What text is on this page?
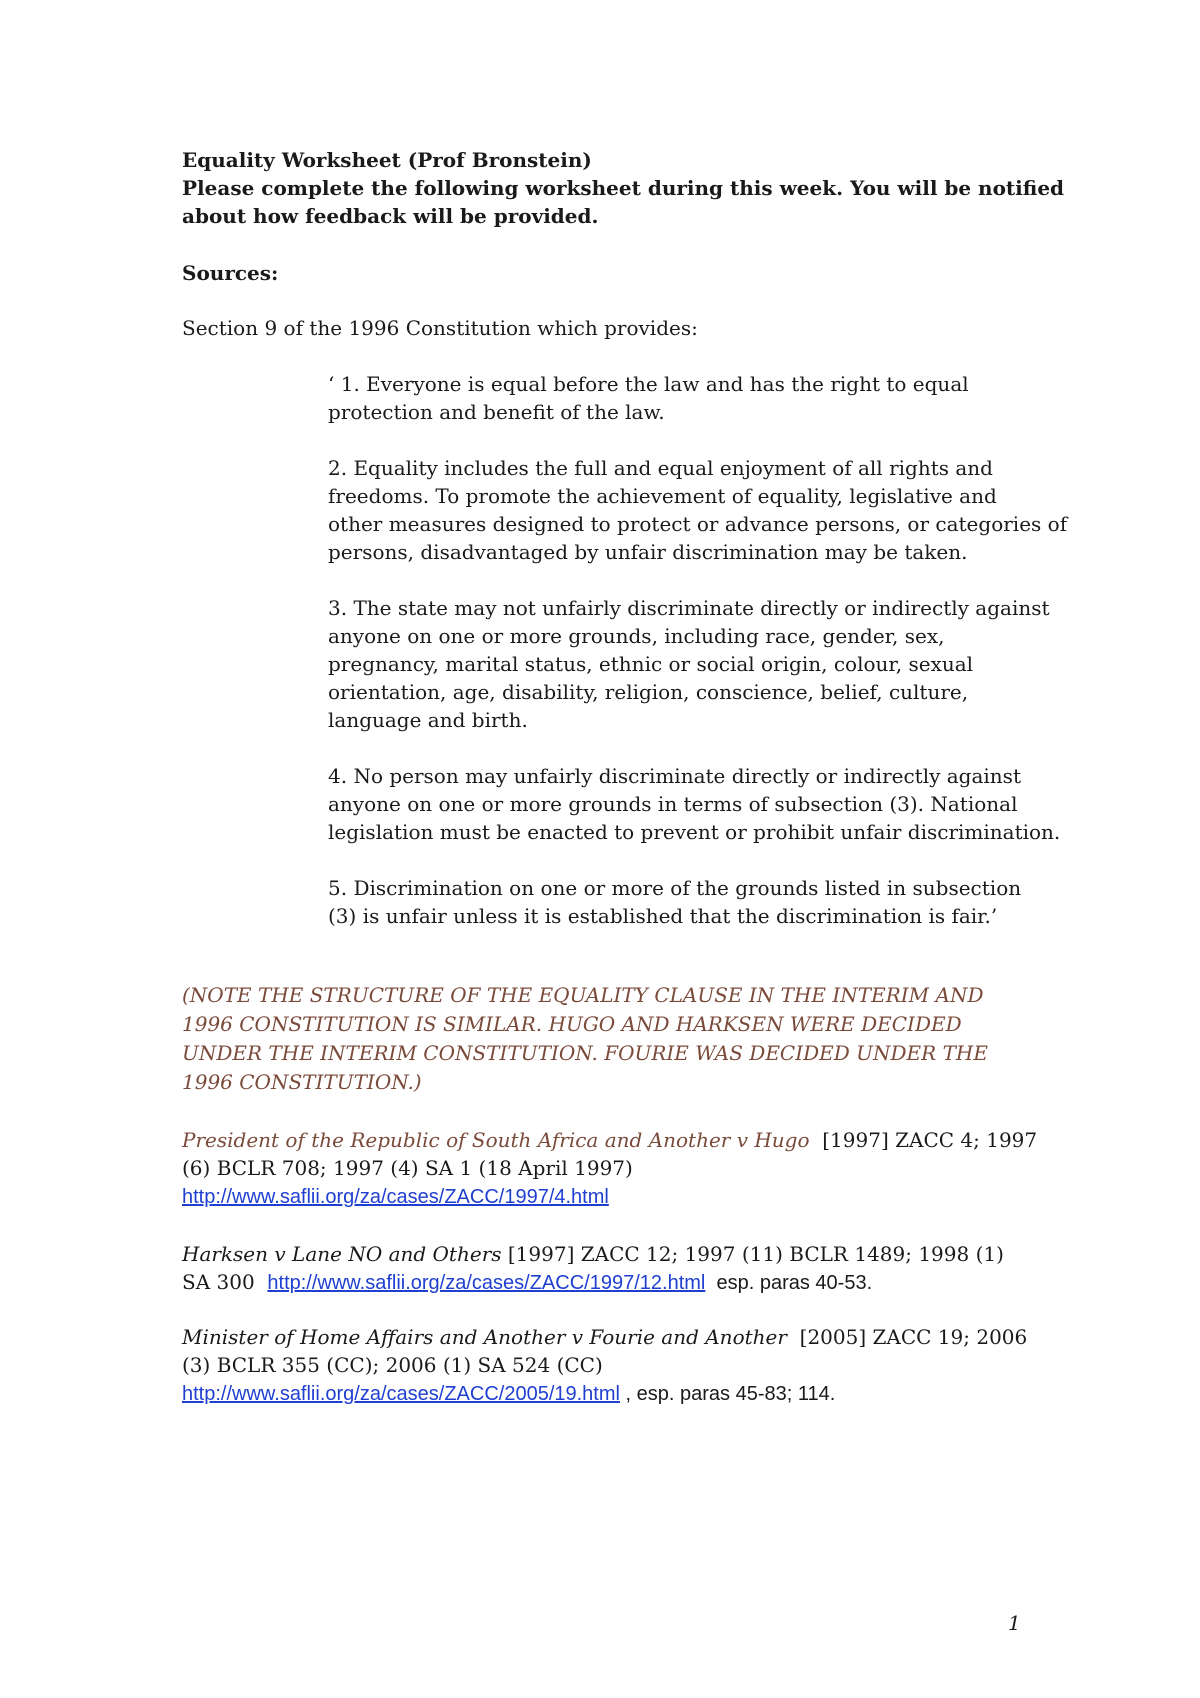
Equality Worksheet (Prof Bronstein)
Please complete the following worksheet during this week. You will be notified
about how feedback will be provided.
Sources:
Section 9 of the 1996 Constitution which provides:

‘ 1. Everyone is equal before the law and has the right to equal
protection and benefit of the law.

2. Equality includes the full and equal enjoyment of all rights and
freedoms. To promote the achievement of equality, legislative and
other measures designed to protect or advance persons, or categories of
persons, disadvantaged by unfair discrimination may be taken.

3. The state may not unfairly discriminate directly or indirectly against
anyone on one or more grounds, including race, gender, sex,
pregnancy, marital status, ethnic or social origin, colour, sexual
orientation, age, disability, religion, conscience, belief, culture,
language and birth.

4. No person may unfairly discriminate directly or indirectly against
anyone on one or more grounds in terms of subsection (3). National
legislation must be enacted to prevent or prohibit unfair discrimination.

5. Discrimination on one or more of the grounds listed in subsection
(3) is unfair unless it is established that the discrimination is fair.’

(NOTE THE STRUCTURE OF THE EQUALITY CLAUSE IN THE INTERIM AND
1996 CONSTITUTION IS SIMILAR. HUGO AND HARKSEN WERE DECIDED
UNDER THE INTERIM CONSTITUTION. FOURIE WAS DECIDED UNDER THE
1996 CONSTITUTION.)
President of the Republic of South Africa and Another v Hugo  [1997] ZACC 4; 1997
(6) BCLR 708; 1997 (4) SA 1 (18 April 1997)
http://www.saflii.org/za/cases/ZACC/1997/4.html
Harksen v Lane NO and Others [1997] ZACC 12; 1997 (11) BCLR 1489; 1998 (1)
SA 300  http://www.saflii.org/za/cases/ZACC/1997/12.html  esp. paras 40-53.
Minister of Home Affairs and Another v Fourie and Another  [2005] ZACC 19; 2006
(3) BCLR 355 (CC); 2006 (1) SA 524 (CC)
http://www.saflii.org/za/cases/ZACC/2005/19.html , esp. paras 45-83; 114.
1
